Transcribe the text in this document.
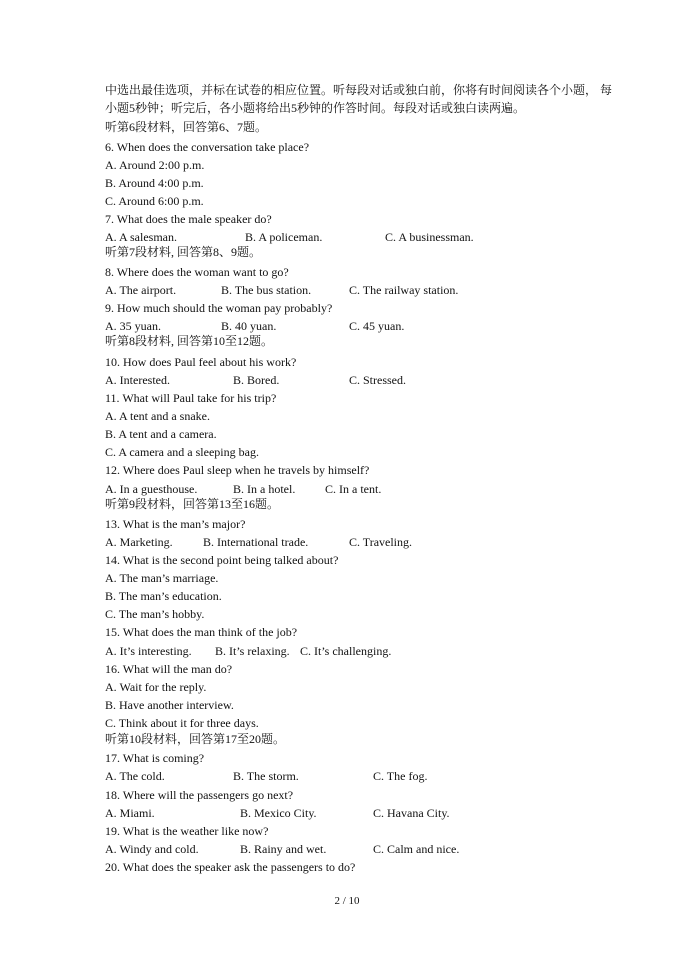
中选出最佳选项，并标在试卷的相应位置。听每段对话或独白前，你将有时间阅读各个小题， 每
小题5秒钟；听完后，各小题将给出5秒钟的作答时间。每段对话或独白读两遍。
听第6段材料，回答第6、7题。
6. When does the conversation take place?
A. Around 2:00 p.m.
B. Around 4:00 p.m.
C. Around 6:00 p.m.
7. What does the male speaker do?
A. A salesman.	B. A policeman.	C. A businessman.
听第7段材料, 回答第8、9题。
8. Where does the woman want to go?
A. The airport.	B. The bus station.	C. The railway station.
9. How much should the woman pay probably?
A. 35 yuan.	B. 40 yuan.	C. 45 yuan.
听第8段材料, 回答第10至12题。
10. How does Paul feel about his work?
A. Interested.	B. Bored.	C. Stressed.
11. What will Paul take for his trip?
A. A tent and a snake.
B. A tent and a camera.
C. A camera and a sleeping bag.
12. Where does Paul sleep when he travels by himself?
A. In a guesthouse.	B. In a hotel. C. In a tent.
听第9段材料，回答第13至16题。
13. What is the man’s major?
A. Marketing.	B. International trade.	C. Traveling.
14. What is the second point being talked about?
A. The man’s marriage.
B. The man’s education.
C. The man’s hobby.
15. What does the man think of the job?
A. It’s interesting. B. It’s relaxing. C. It’s challenging.
16. What will the man do?
A. Wait for the reply.
B. Have another interview.
C. Think about it for three days.
听第10段材料，回答第17至20题。
17. What is coming?
A. The cold.	B. The storm.	C. The fog.
18. Where will the passengers go next?
A. Miami.	B. Mexico City.	C. Havana City.
19. What is the weather like now?
A. Windy and cold.	B. Rainy and wet.	C. Calm and nice.
20. What does the speaker ask the passengers to do?
2 / 10
